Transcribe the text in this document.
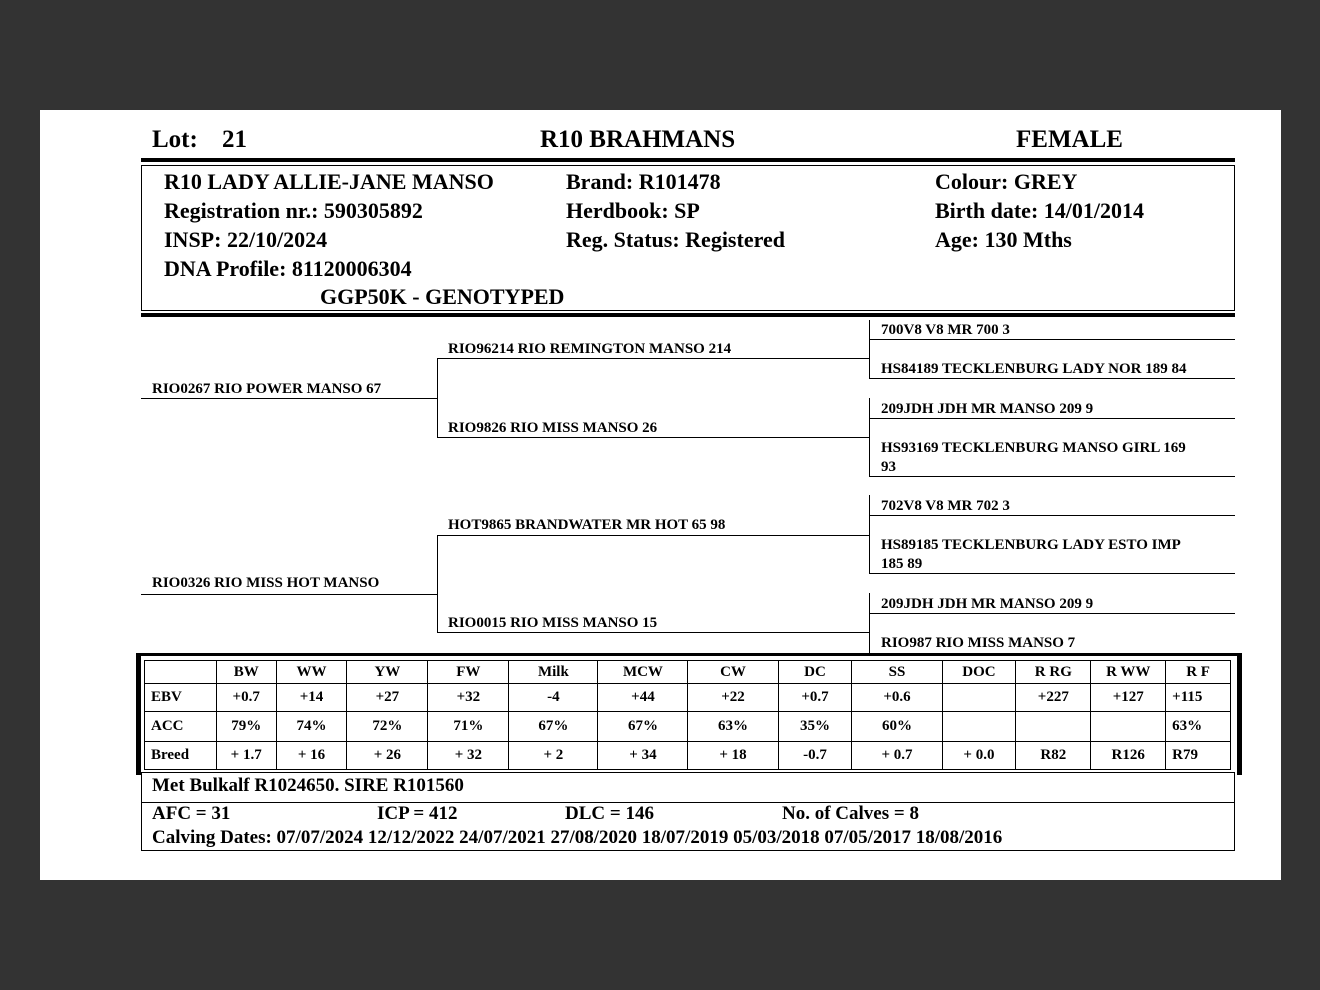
Lot: 21	R10 BRAHMANS	FEMALE
R10 LADY ALLIE-JANE MANSO
Registration nr.: 590305892
INSP: 22/10/2024
DNA Profile: 81120006304
GGP50K - GENOTYPED
Brand: R101478
Herdbook: SP
Reg. Status: Registered
Colour: GREY
Birth date: 14/01/2014
Age: 130 Mths
RIO0267 RIO POWER MANSO 67
RIO0326 RIO MISS HOT MANSO
RIO96214 RIO REMINGTON MANSO 214
RIO9826 RIO MISS MANSO 26
HOT9865 BRANDWATER MR HOT 65 98
RIO0015 RIO MISS MANSO 15
700V8 V8 MR 700 3
HS84189 TECKLENBURG LADY NOR 189 84
209JDH JDH MR MANSO 209 9
HS93169 TECKLENBURG MANSO GIRL 169
93
702V8 V8 MR 702 3
HS89185 TECKLENBURG LADY ESTO IMP
185 89
209JDH JDH MR MANSO 209 9
RIO987 RIO MISS MANSO 7
	BW	WW	YW	FW	Milk	MCW	CW	DC	SS	DOC	R RG	R WW	R F
EBV	+0.7	+14	+27	+32	-4	+44	+22	+0.7	+0.6		+227	+127	+115
ACC	79%	74%	72%	71%	67%	67%	63%	35%	60%				63%
Breed	+ 1.7	+ 16	+ 26	+ 32	+ 2	+ 34	+ 18	-0.7	+ 0.7	+ 0.0	R82	R126	R79
Met Bulkalf R1024650. SIRE R101560
AFC = 31	ICP = 412	DLC = 146	No. of Calves = 8
Calving Dates: 07/07/2024 12/12/2022 24/07/2021 27/08/2020 18/07/2019 05/03/2018 07/05/2017 18/08/2016
